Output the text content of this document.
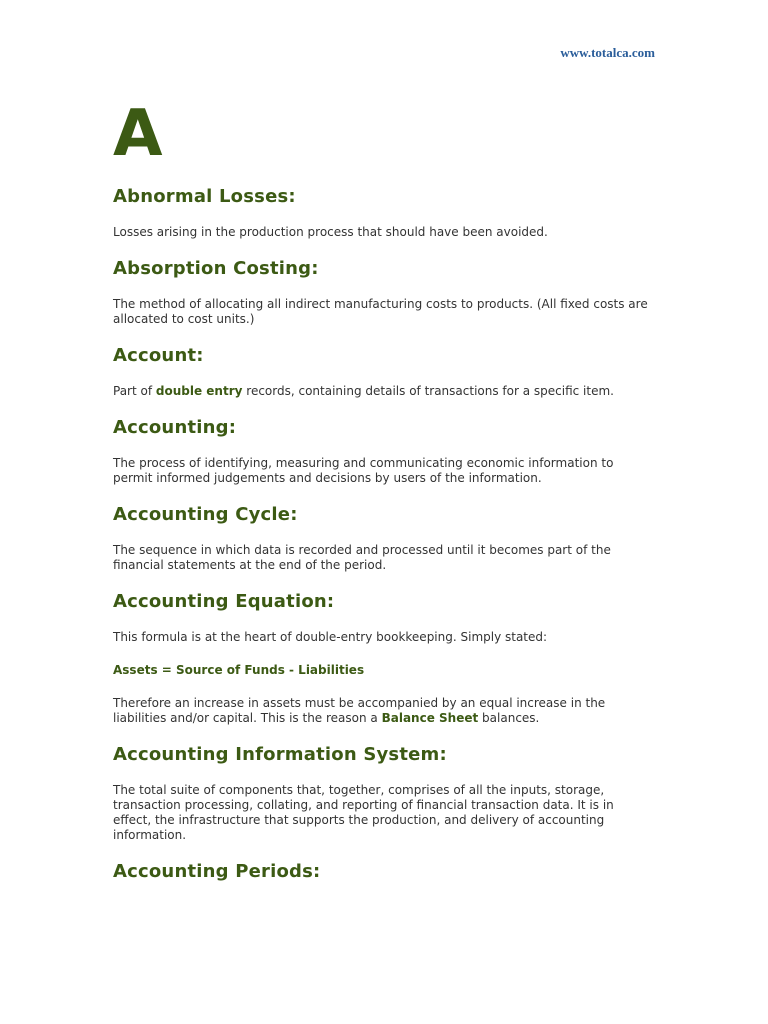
www.totalca.com
A
Abnormal Losses:
Losses arising in the production process that should have been avoided.
Absorption Costing:
The method of allocating all indirect manufacturing costs to products. (All fixed costs are allocated to cost units.)
Account:
Part of double entry records, containing details of transactions for a specific item.
Accounting:
The process of identifying, measuring and communicating economic information to permit informed judgements and decisions by users of the information.
Accounting Cycle:
The sequence in which data is recorded and processed until it becomes part of the financial statements at the end of the period.
Accounting Equation:
This formula is at the heart of double-entry bookkeeping. Simply stated:
Assets = Source of Funds - Liabilities
Therefore an increase in assets must be accompanied by an equal increase in the liabilities and/or capital. This is the reason a Balance Sheet balances.
Accounting Information System:
The total suite of components that, together, comprises of all the inputs, storage, transaction processing, collating, and reporting of financial transaction data. It is in effect, the infrastructure that supports the production, and delivery of accounting information.
Accounting Periods:
